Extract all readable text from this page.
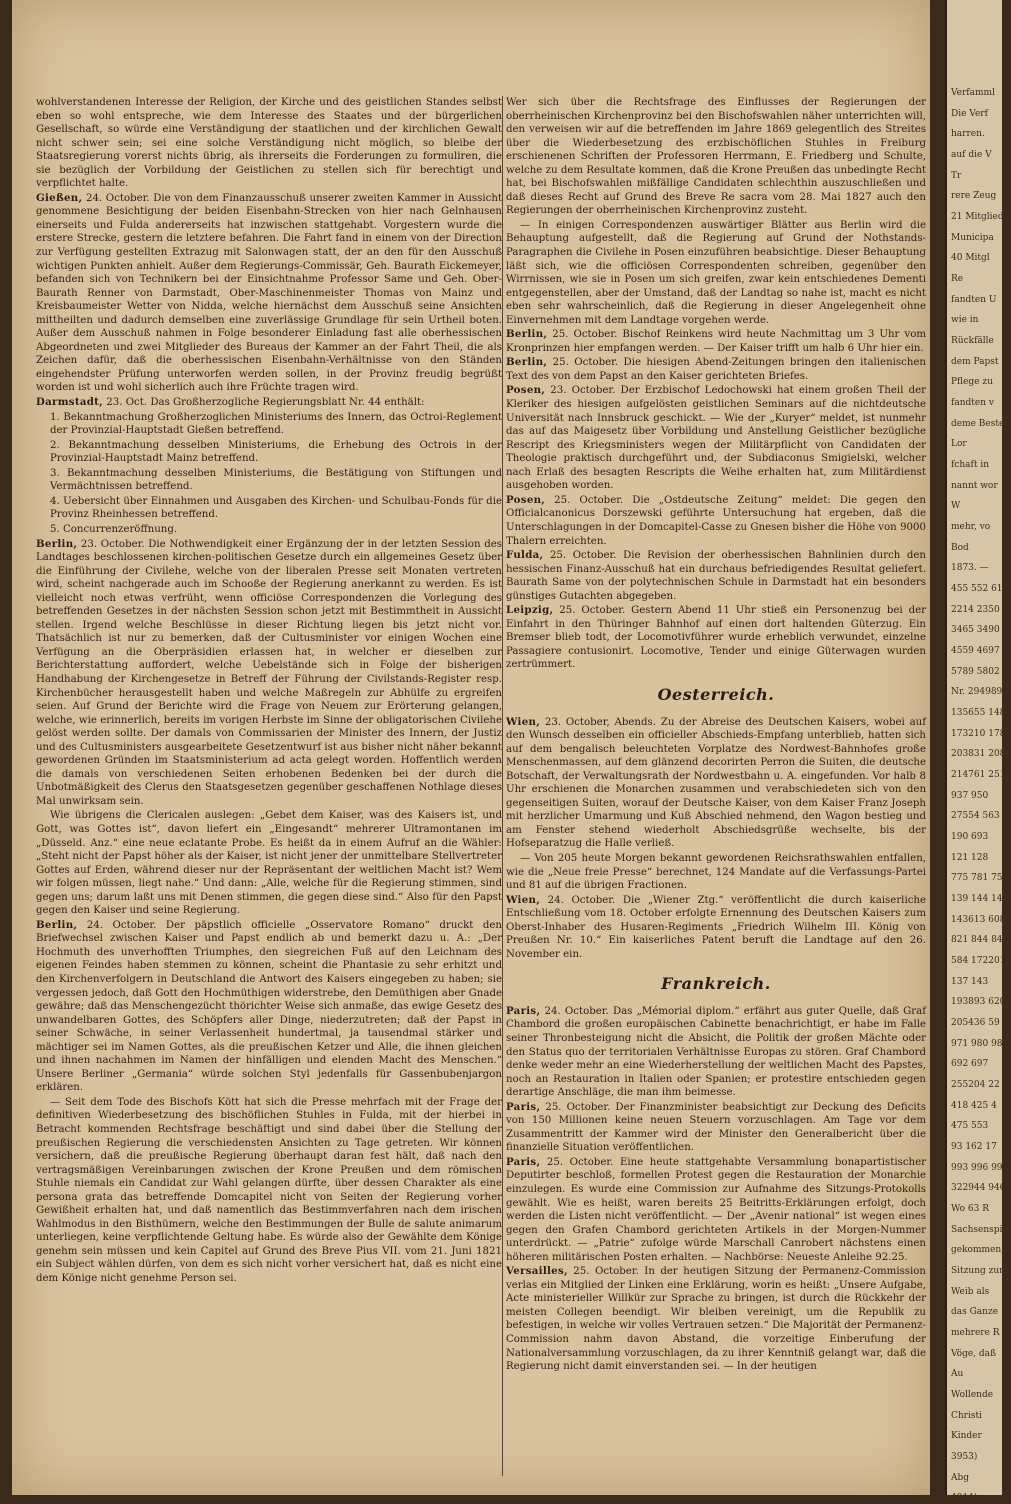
wohlverstandenen Interesse der Religion, der Kirche und des geistlichen Standes selbst eben so wohl entspreche, wie dem Interesse des Staates und der bürgerlichen Gesellschaft, so würde eine Verständigung der staatlichen und der kirchlichen Gewalt nicht schwer sein; sei eine solche Verständigung nicht möglich, so bleibe der Staatsregierung vorerst nichts übrig, als ihrerseits die Forderungen zu formuliren, die sie bezüglich der Vorbildung der Geistlichen zu stellen sich für berechtigt und verpflichtet halte.

Gießen, 24. October. Die von dem Finanzausschuß unserer zweiten Kammer in Aussicht genommene Besichtigung der beiden Eisenbahn-Strecken von hier nach Gelnhausen einerseits und Fulda andererseits hat inzwischen stattgehabt. Vorgestern wurde die erstere Strecke, gestern die letztere befahren. Die Fahrt fand in einem von der Direction zur Verfügung gestellten Extrazug mit Salonwagen statt, der an den für den Ausschuß wichtigen Punkten anhielt. Außer dem Regierungs-Commissär, Geh. Baurath Eickemeyer, befanden sich von Technikern bei der Einsichtnahme Professor Same und Geh. Ober-Baurath Renner von Darmstadt, Ober-Maschinenmeister Thomas von Mainz und Kreisbaumeister Wetter von Nidda, welche hiernächst dem Ausschuß seine Ansichten mittheilten und dadurch demselben eine zuverlässige Grundlage für sein Urtheil boten. Außer dem Ausschuß nahmen in Folge besonderer Einladung fast alle oberhessischen Abgeordneten und zwei Mitglieder des Bureaus der Kammer an der Fahrt Theil, die als Zeichen dafür, daß die oberhessischen Eisenbahn-Verhältnisse von den Ständen eingehendster Prüfung unterworfen werden sollen, in der Provinz freudig begrüßt worden ist und wohl sicherlich auch ihre Früchte tragen wird.

Darmstadt, 23. Oct. Das Großherzogliche Regierungsblatt Nr. 44 enthält:

1. Bekanntmachung Großherzoglichen Ministeriums des Innern, das Octroi-Reglement der Provinzial-Hauptstadt Gießen betreffend.

2. Bekanntmachung desselben Ministeriums, die Erhebung des Octrois in der Provinzial-Hauptstadt Mainz betreffend.

3. Bekanntmachung desselben Ministeriums, die Bestätigung von Stiftungen und Vermächtnissen betreffend.

4. Uebersicht über Einnahmen und Ausgaben des Kirchen- und Schulbau-Fonds für die Provinz Rheinhessen betreffend.

5. Concurrenzeröffnung.

Berlin, 23. October. Die Nothwendigkeit einer Ergänzung der in der letzten Session des Landtages beschlossenen kirchen-politischen Gesetze durch ein allgemeines Gesetz über die Einführung der Civilehe, welche von der liberalen Presse seit Monaten vertreten wird, scheint nachgerade auch im Schooße der Regierung anerkannt zu werden. Es ist vielleicht noch etwas verfrüht, wenn officiöse Correspondenzen die Vorlegung des betreffenden Gesetzes in der nächsten Session schon jetzt mit Bestimmtheit in Aussicht stellen. Irgend welche Beschlüsse in dieser Richtung liegen bis jetzt nicht vor. Thatsächlich ist nur zu bemerken, daß der Cultusminister vor einigen Wochen eine Verfügung an die Oberpräsidien erlassen hat, in welcher er dieselben zur Berichterstattung auffordert, welche Uebelstände sich in Folge der bisherigen Handhabung der Kirchengesetze in Betreff der Führung der Civilstands-Register resp. Kirchenbücher herausgestellt haben und welche Maßregeln zur Abhülfe zu ergreifen seien. Auf Grund der Berichte wird die Frage von Neuem zur Erörterung gelangen, welche, wie erinnerlich, bereits im vorigen Herbste im Sinne der obligatorischen Civilehe gelöst werden sollte. Der damals von Commissarien der Minister des Innern, der Justiz und des Cultusministers ausgearbeitete Gesetzentwurf ist aus bisher nicht näher bekannt gewordenen Gründen im Staatsministerium ad acta gelegt worden. Hoffentlich werden die damals von verschiedenen Seiten erhobenen Bedenken bei der durch die Unbotmäßigkeit des Clerus den Staatsgesetzen gegenüber geschaffenen Nothlage dieses Mal unwirksam sein.

Wie übrigens die Clericalen auslegen: „Gebet dem Kaiser, was des Kaisers ist, und Gott, was Gottes ist“, davon liefert ein „Eingesandt“ mehrerer Ultramontanen im „Düsseld. Anz.“ eine neue eclatante Probe. Es heißt da in einem Aufruf an die Wähler: „Steht nicht der Papst höher als der Kaiser, ist nicht jener der unmittelbare Stellvertreter Gottes auf Erden, während dieser nur der Repräsentant der weltlichen Macht ist? Wem wir folgen müssen, liegt nahe.“ Und dann: „Alle, welche für die Regierung stimmen, sind gegen uns; darum laßt uns mit Denen stimmen, die gegen diese sind.“ Also für den Papst gegen den Kaiser und seine Regierung.

Berlin, 24. October. Der päpstlich officielle „Osservatore Romano“ druckt den Briefwechsel zwischen Kaiser und Papst endlich ab und bemerkt dazu u. A.: „Der Hochmuth des unverhofften Triumphes, den siegreichen Fuß auf den Leichnam des eigenen Feindes haben stemmen zu können, scheint die Phantasie zu sehr erhitzt und den Kirchenverfolgern in Deutschland die Antwort des Kaisers eingegeben zu haben; sie vergessen jedoch, daß Gott den Hochmüthigen widerstrebe, den Demüthigen aber Gnade gewähre; daß das Menschengezücht thörichter Weise sich anmaße, das ewige Gesetz des unwandelbaren Gottes, des Schöpfers aller Dinge, niederzutreten; daß der Papst in seiner Schwäche, in seiner Verlassenheit hundertmal, ja tausendmal stärker und mächtiger sei im Namen Gottes, als die preußischen Ketzer und Alle, die ihnen gleichen und ihnen nachahmen im Namen der hinfälligen und elenden Macht des Menschen.“ Unsere Berliner „Germania“ würde solchen Styl jedenfalls für Gassenbubenjargon erklären.

— Seit dem Tode des Bischofs Kött hat sich die Presse mehrfach mit der Frage der definitiven Wiederbesetzung des bischöflichen Stuhles in Fulda, mit der hierbei in Betracht kommenden Rechtsfrage beschäftigt und sind dabei über die Stellung der preußischen Regierung die verschiedensten Ansichten zu Tage getreten. Wir können versichern, daß die preußische Regierung überhaupt daran fest hält, daß nach den vertragsmäßigen Vereinbarungen zwischen der Krone Preußen und dem römischen Stuhle niemals ein Candidat zur Wahl gelangen dürfte, über dessen Charakter als eine persona grata das betreffende Domcapitel nicht von Seiten der Regierung vorher Gewißheit erhalten hat, und daß namentlich das Bestimmverfahren nach dem irischen Wahlmodus in den Bisthümern, welche den Bestimmungen der Bulle de salute animarum unterliegen, keine verpflichtende Geltung habe. Es würde also der Gewählte dem Könige genehm sein müssen und kein Capitel auf Grund des Breve Pius VII. vom 21. Juni 1821 ein Subject wählen dürfen, von dem es sich nicht vorher versichert hat, daß es nicht eine dem Könige nicht genehme Person sei.

Wer sich über die Rechtsfrage des Einflusses der Regierungen der oberrheinischen Kirchenprovinz bei den Bischofswahlen näher unterrichten will, den verweisen wir auf die betreffenden im Jahre 1869 gelegentlich des Streites über die Wiederbesetzung des erzbischöflichen Stuhles in Freiburg erschienenen Schriften der Professoren Herrmann, E. Friedberg und Schulte, welche zu dem Resultate kommen, daß die Krone Preußen das unbedingte Recht hat, bei Bischofswahlen mißfällige Candidaten schlechthin auszuschließen und daß dieses Recht auf Grund des Breve Re sacra vom 28. Mai 1827 auch den Regierungen der oberrheinischen Kirchenprovinz zusteht.

— In einigen Correspondenzen auswärtiger Blätter aus Berlin wird die Behauptung aufgestellt, daß die Regierung auf Grund der Nothstands-Paragraphen die Civilehe in Posen einzuführen beabsichtige. Dieser Behauptung läßt sich, wie die officiösen Correspondenten schreiben, gegenüber den Wirrnissen, wie sie in Posen um sich greifen, zwar kein entschiedenes Dementi entgegenstellen, aber der Umstand, daß der Landtag so nahe ist, macht es nicht eben sehr wahrscheinlich, daß die Regierung in dieser Angelegenheit ohne Einvernehmen mit dem Landtage vorgehen werde.

Berlin, 25. October. Bischof Reinkens wird heute Nachmittag um 3 Uhr vom Kronprinzen hier empfangen werden. — Der Kaiser trifft um halb 6 Uhr hier ein.

Berlin, 25. October. Die hiesigen Abend-Zeitungen bringen den italienischen Text des von dem Papst an den Kaiser gerichteten Briefes.

Posen, 23. October. Der Erzbischof Ledochowski hat einem großen Theil der Kleriker des hiesigen aufgelösten geistlichen Seminars auf die nichtdeutsche Universität nach Innsbruck geschickt. — Wie der „Kuryer“ meldet, ist nunmehr das auf das Maigesetz über Vorbildung und Anstellung Geistlicher bezügliche Rescript des Kriegsministers wegen der Militärpflicht von Candidaten der Theologie praktisch durchgeführt und, der Subdiaconus Smigielski, welcher nach Erlaß des besagten Rescripts die Weihe erhalten hat, zum Militärdienst ausgehoben worden.

Posen, 25. October. Die „Ostdeutsche Zeitung“ meldet: Die gegen den Officialcanonicus Dorszewski geführte Untersuchung hat ergeben, daß die Unterschlagungen in der Domcapitel-Casse zu Gnesen bisher die Höhe von 9000 Thalern erreichten.

Fulda, 25. October. Die Revision der oberhessischen Bahnlinien durch den hessischen Finanz-Ausschuß hat ein durchaus befriedigendes Resultat geliefert. Baurath Same von der polytechnischen Schule in Darmstadt hat ein besonders günstiges Gutachten abgegeben.

Leipzig, 25. October. Gestern Abend 11 Uhr stieß ein Personenzug bei der Einfahrt in den Thüringer Bahnhof auf einen dort haltenden Güterzug. Ein Bremser blieb todt, der Locomotivführer wurde erheblich verwundet, einzelne Passagiere contusionirt. Locomotive, Tender und einige Güterwagen wurden zertrümmert.

Oesterreich.

Wien, 23. October, Abends. Zu der Abreise des Deutschen Kaisers, wobei auf den Wunsch desselben ein officieller Abschieds-Empfang unterblieb, hatten sich auf dem bengalisch beleuchteten Vorplatze des Nordwest-Bahnhofes große Menschenmassen, auf dem glänzend decorirten Perron die Suiten, die deutsche Botschaft, der Verwaltungsrath der Nordwestbahn u. A. eingefunden. Vor halb 8 Uhr erschienen die Monarchen zusammen und verabschiedeten sich von den gegenseitigen Suiten, worauf der Deutsche Kaiser, von dem Kaiser Franz Joseph mit herzlicher Umarmung und Kuß Abschied nehmend, den Wagon bestieg und am Fenster stehend wiederholt Abschiedsgrüße wechselte, bis der Hofseparatzug die Halle verließ.

— Von 205 heute Morgen bekannt gewordenen Reichsrathswahlen entfallen, wie die „Neue freie Presse“ berechnet, 124 Mandate auf die Verfassungs-Partei und 81 auf die übrigen Fractionen.

Wien, 24. October. Die „Wiener Ztg.“ veröffentlicht die durch kaiserliche Entschließung vom 18. October erfolgte Ernennung des Deutschen Kaisers zum Oberst-Inhaber des Husaren-Regiments „Friedrich Wilhelm III. König von Preußen Nr. 10.“ Ein kaiserliches Patent beruft die Landtage auf den 26. November ein.

Frankreich.

Paris, 24. October. Das „Mémorial diplom.“ erfährt aus guter Quelle, daß Graf Chambord die großen europäischen Cabinette benachrichtigt, er habe im Falle seiner Thronbesteigung nicht die Absicht, die Politik der großen Mächte oder den Status quo der territorialen Verhältnisse Europas zu stören. Graf Chambord denke weder mehr an eine Wiederherstellung der weltlichen Macht des Papstes, noch an Restauration in Italien oder Spanien; er protestire entschieden gegen derartige Anschläge, die man ihm beimesse.

Paris, 25. October. Der Finanzminister beabsichtigt zur Deckung des Deficits von 150 Millionen keine neuen Steuern vorzuschlagen. Am Tage vor dem Zusammentritt der Kammer wird der Minister den Generalbericht über die finanzielle Situation veröffentlichen.

Paris, 25. October. Eine heute stattgehabte Versammlung bonapartistischer Deputirter beschloß, formellen Protest gegen die Restauration der Monarchie einzulegen. Es wurde eine Commission zur Aufnahme des Sitzungs-Protokolls gewählt. Wie es heißt, waren bereits 25 Beitritts-Erklärungen erfolgt, doch werden die Listen nicht veröffentlicht. — Der „Avenir national“ ist wegen eines gegen den Grafen Chambord gerichteten Artikels in der Morgen-Nummer unterdrückt. — „Patrie“ zufolge würde Marschall Canrobert nächstens einen höheren militärischen Posten erhalten. — Nachbörse: Neueste Anleihe 92.25.

Versailles, 25. October. In der heutigen Sitzung der Permanenz-Commission verlas ein Mitglied der Linken eine Erklärung, worin es heißt: „Unsere Aufgabe, Acte ministerieller Willkür zur Sprache zu bringen, ist durch die Rückkehr der meisten Collegen beendigt. Wir bleiben vereinigt, um die Republik zu befestigen, in welche wir volles Vertrauen setzen.“ Die Majorität der Permanenz-Commission nahm davon Abstand, die vorzeitige Einberufung der Nationalversammlung vorzuschlagen, da zu ihrer Kenntniß gelangt war, daß die Regierung nicht damit einverstanden sei. — In der heutigen

Verfamml
Die Verf
harren.
auf die V
Tr
rere Zeug
21 Mitglied
Municipa
40 Mitgl
Re
fandten U
wie in
Rückfälle
dem Papst
Pflege zu
fandten v
deme Beste
Lor
fchaft in
nannt wor
W
mehr, vo
Bod
1873. —
455 552 61
2214 2350
3465 3490
4559 4697
5789 5802
Nr. 294989
135655 1486
173210 1783
203831 2086
214761 251
937 950
27554 563
190 693
121 128
775 781 75
139 144 14
143613 608
821 844 845
584 172201
137 143
193893 620
205436 59
971 980 98
692 697
255204 22
418 425 4
475 553
93 162 17
993 996 99
322944 946
Wo 63 R
Sachsenspiel
gekommen,
Sitzung zum
Weib als
das Ganze
mehrere R
Vöge, daß
Au
Wollende
Christi
Kinder
3953)
Abg
4914)
